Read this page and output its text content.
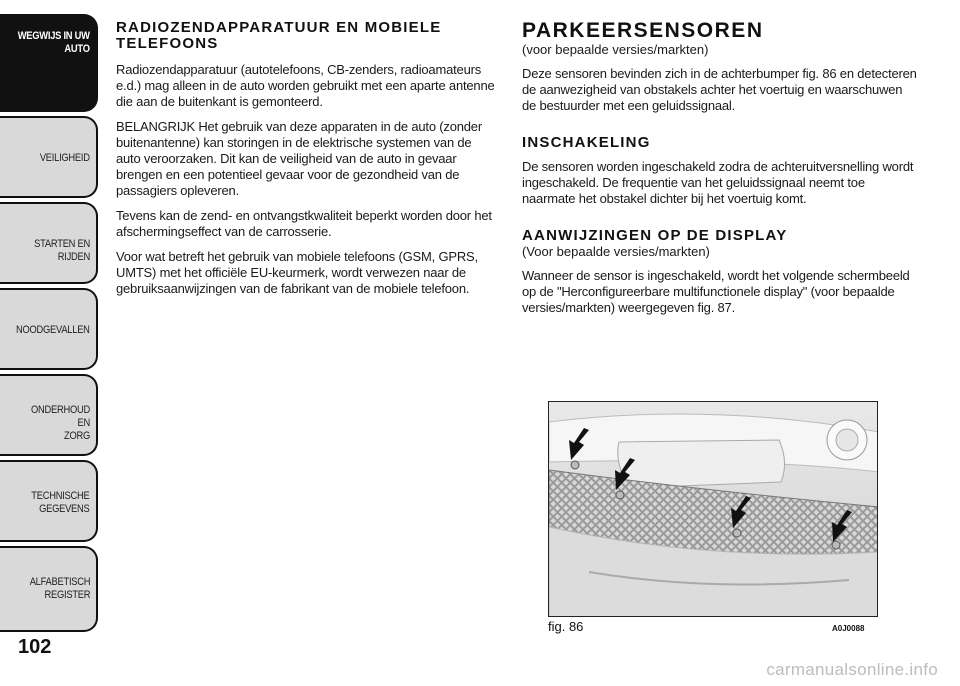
WEGWIJS IN UW
AUTO
VEILIGHEID
STARTEN EN RIJDEN
NOODGEVALLEN
ONDERHOUD EN
ZORG
TECHNISCHE
GEGEVENS
ALFABETISCH
REGISTER
102
RADIOZENDAPPARATUUR EN MOBIELE TELEFOONS

Radiozendapparatuur (autotelefoons, CB-zenders, radioamateurs e.d.) mag alleen in de auto worden gebruikt met een aparte antenne die aan de buitenkant is gemonteerd.

BELANGRIJK Het gebruik van deze apparaten in de auto (zonder buitenantenne) kan storingen in de elektrische systemen van de auto veroorzaken. Dit kan de veiligheid van de auto in gevaar brengen en een potentieel gevaar voor de gezondheid van de passagiers opleveren.

Tevens kan de zend- en ontvangstkwaliteit beperkt worden door het afschermingseffect van de carrosserie.

Voor wat betreft het gebruik van mobiele telefoons (GSM, GPRS, UMTS) met het officiële EU-keurmerk, wordt verwezen naar de gebruiksaanwijzingen van de fabrikant van de mobiele telefoon.

PARKEERSENSOREN
(voor bepaalde versies/markten)

Deze sensoren bevinden zich in de achterbumper fig. 86 en detecteren de aanwezigheid van obstakels achter het voertuig en waarschuwen de bestuurder met een geluidssignaal.

INSCHAKELING

De sensoren worden ingeschakeld zodra de achteruitversnelling wordt ingeschakeld. De frequentie van het geluidssignaal neemt toe naarmate het obstakel dichter bij het voertuig komt.

AANWIJZINGEN OP DE DISPLAY
(Voor bepaalde versies/markten)

Wanneer de sensor is ingeschakeld, wordt het volgende schermbeeld op de "Herconfigureerbare multifunctionele display" (voor bepaalde versies/markten) weergegeven fig. 87.

fig. 86	A0J0088
carmanualsonline.info
